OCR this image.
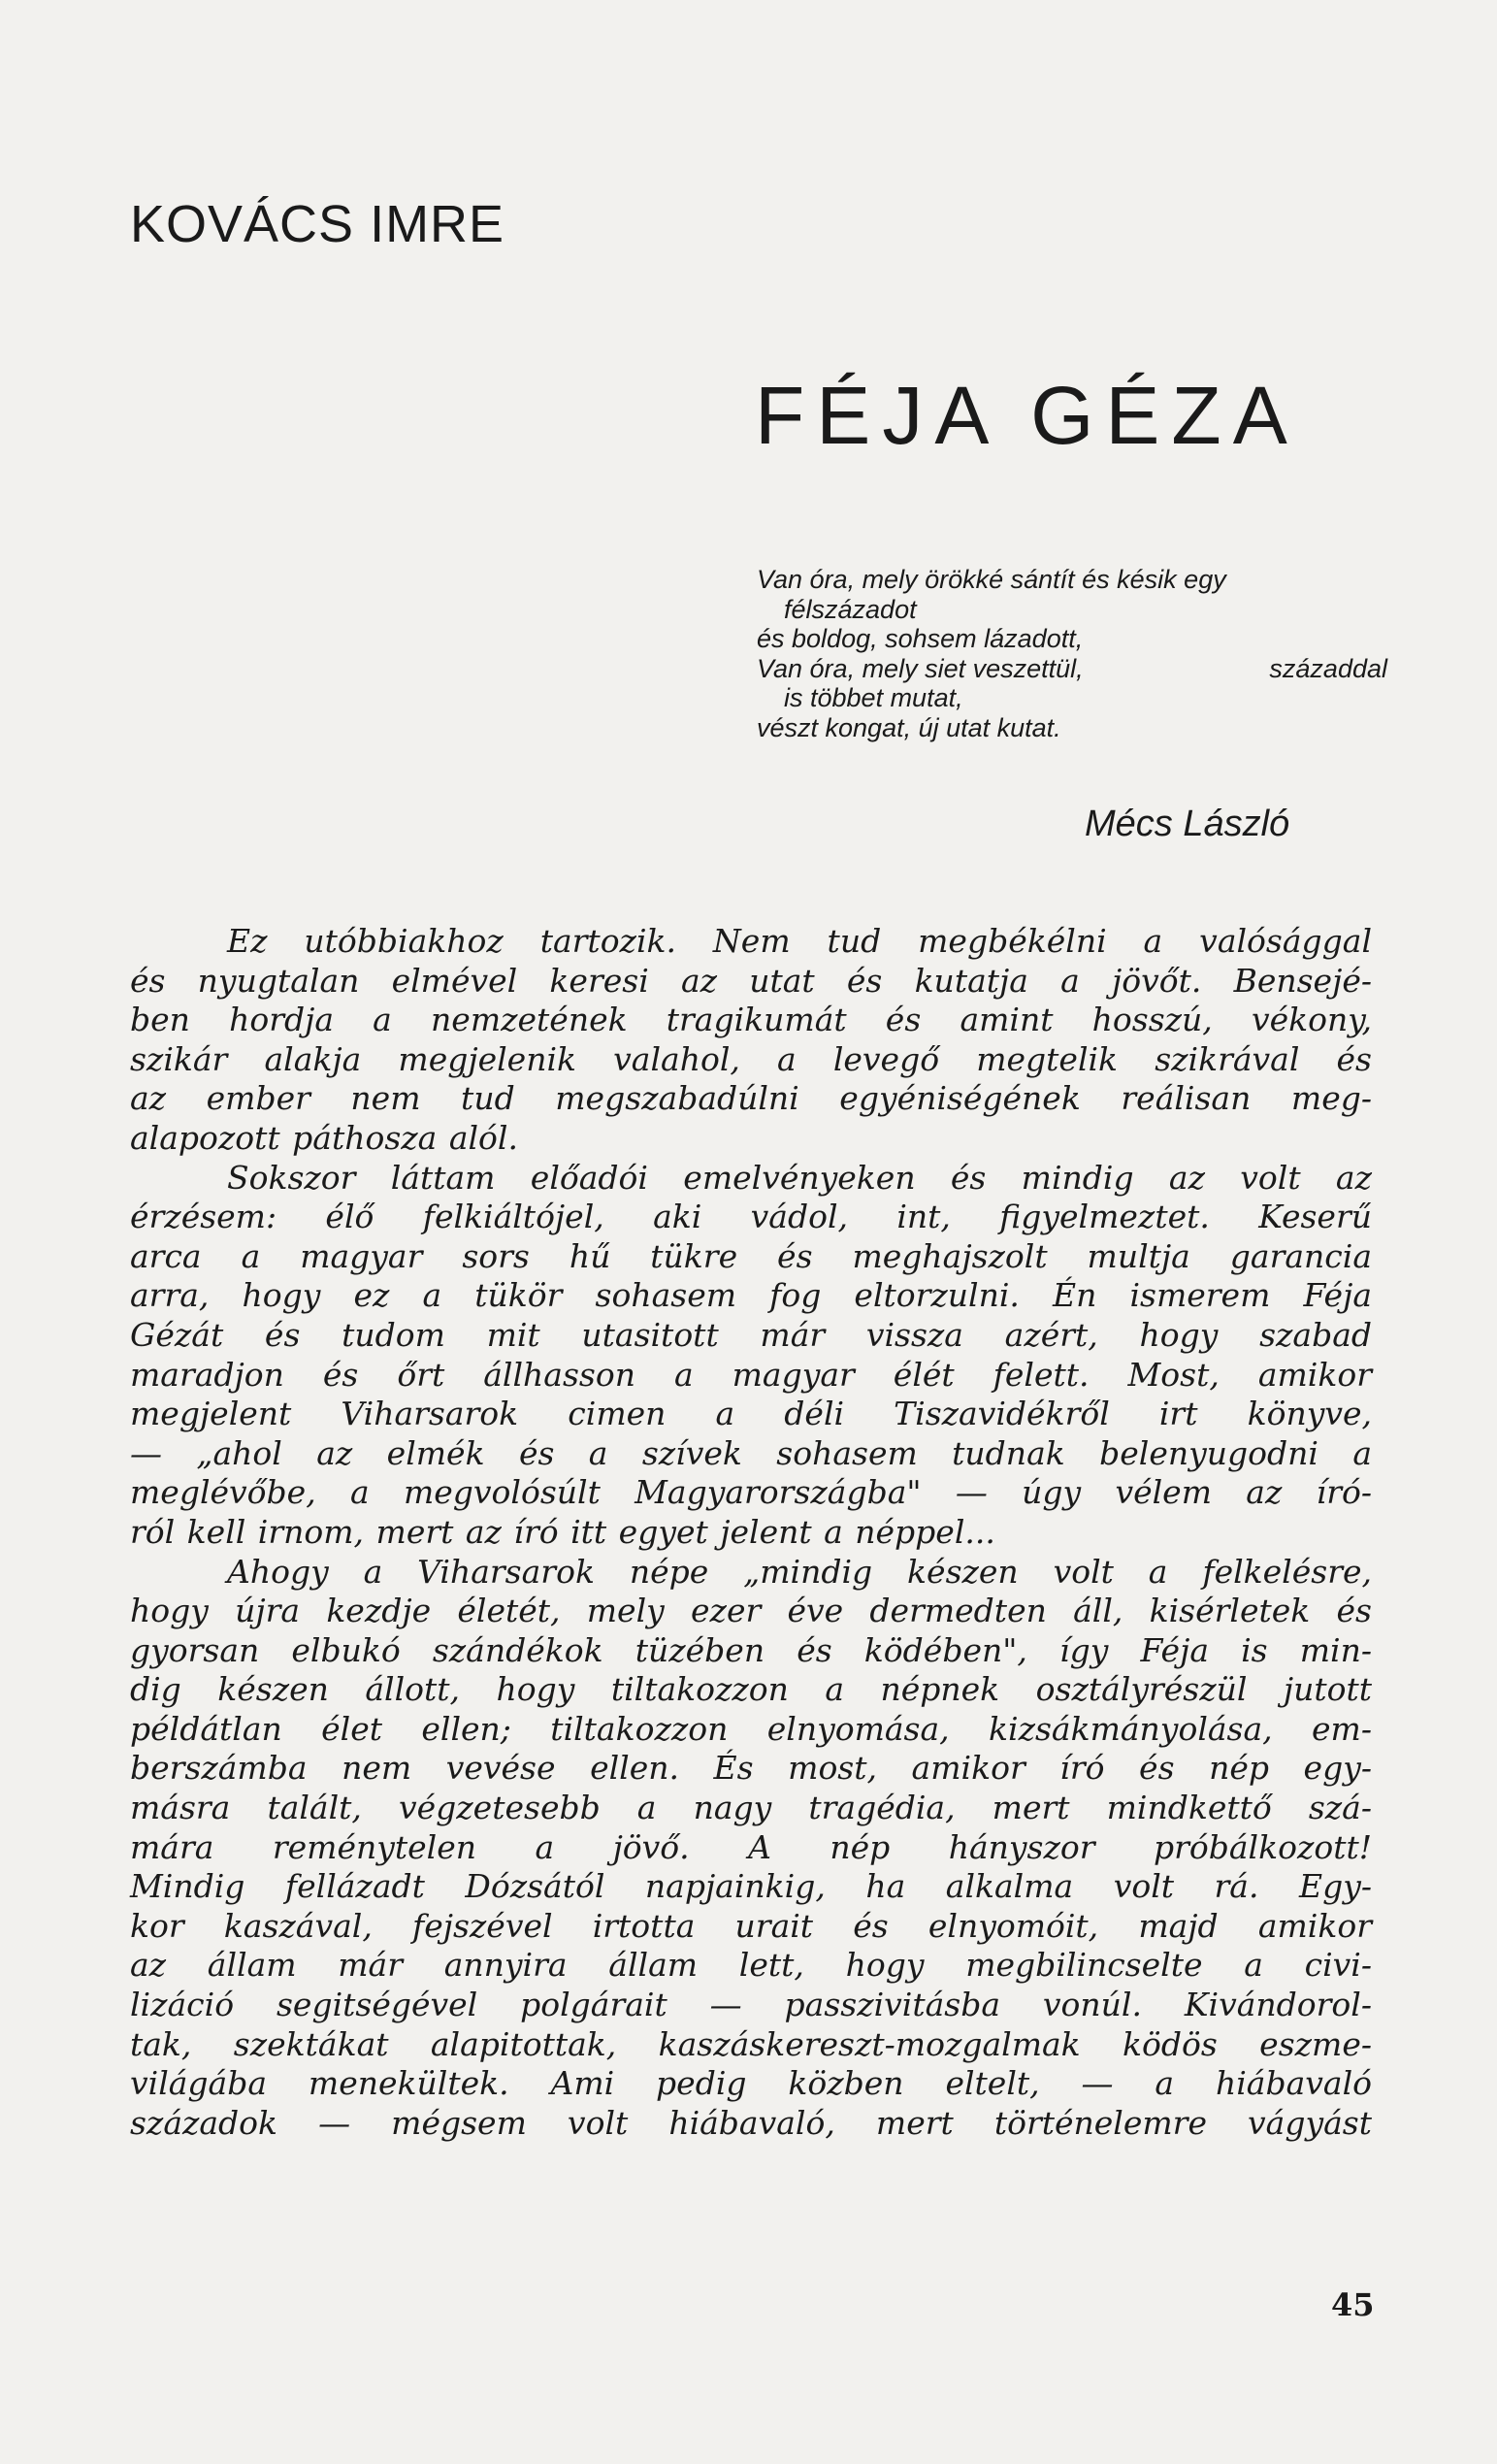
KOVÁCS IMRE
FÉJA GÉZA
Van óra, mely örökké sántít és késik egy
félszázadot
és boldog, sohsem lázadott,
Van óra, mely siet veszettül,	századdal
is többet mutat,
vészt kongat, új utat kutat.

Mécs László

Ez utóbbiakhoz tartozik. Nem tud megbékélni a valósággal
és nyugtalan elmével keresi az utat és kutatja a jövőt. Bensejé-
ben hordja a nemzetének tragikumát és amint hosszú, vékony,
szikár alakja megjelenik valahol, a levegő megtelik szikrával és
az ember nem tud megszabadúlni egyéniségének reálisan meg-
alapozott páthosza alól.
Sokszor láttam előadói emelvényeken és mindig az volt az
érzésem: élő felkiáltójel, aki vádol, int, figyelmeztet. Keserű
arca a magyar sors hű tükre és meghajszolt multja garancia
arra, hogy ez a tükör sohasem fog eltorzulni. Én ismerem Féja
Gézát és tudom mit utasitott már vissza azért, hogy szabad
maradjon és őrt állhasson a magyar élét felett. Most, amikor
megjelent Viharsarok cimen a déli Tiszavidékről irt könyve,
— „ahol az elmék és a szívek sohasem tudnak belenyugodni a
meglévőbe, a megvolósúlt Magyarországba" — úgy vélem az író-
ról kell irnom, mert az író itt egyet jelent a néppel...
Ahogy a Viharsarok népe „mindig készen volt a felkelésre,
hogy újra kezdje életét, mely ezer éve dermedten áll, kisérletek és
gyorsan elbukó szándékok tüzében és ködében", így Féja is min-
dig készen állott, hogy tiltakozzon a népnek osztályrészül jutott
példátlan élet ellen; tiltakozzon elnyomása, kizsákmányolása, em-
berszámba nem vevése ellen. És most, amikor író és nép egy-
másra talált, végzetesebb a nagy tragédia, mert mindkettő szá-
mára reménytelen a jövő. A nép hányszor próbálkozott!
Mindig fellázadt Dózsától napjainkig, ha alkalma volt rá. Egy-
kor kaszával, fejszével irtotta urait és elnyomóit, majd amikor
az állam már annyira állam lett, hogy megbilincselte a civi-
lizáció segitségével polgárait — passzivitásba vonúl. Kivándorol-
tak, szektákat alapitottak, kaszáskereszt-mozgalmak ködös eszme-
világába menekültek. Ami pedig közben eltelt, — a hiábavaló
századok — mégsem volt hiábavaló, mert történelemre vágyást

45
